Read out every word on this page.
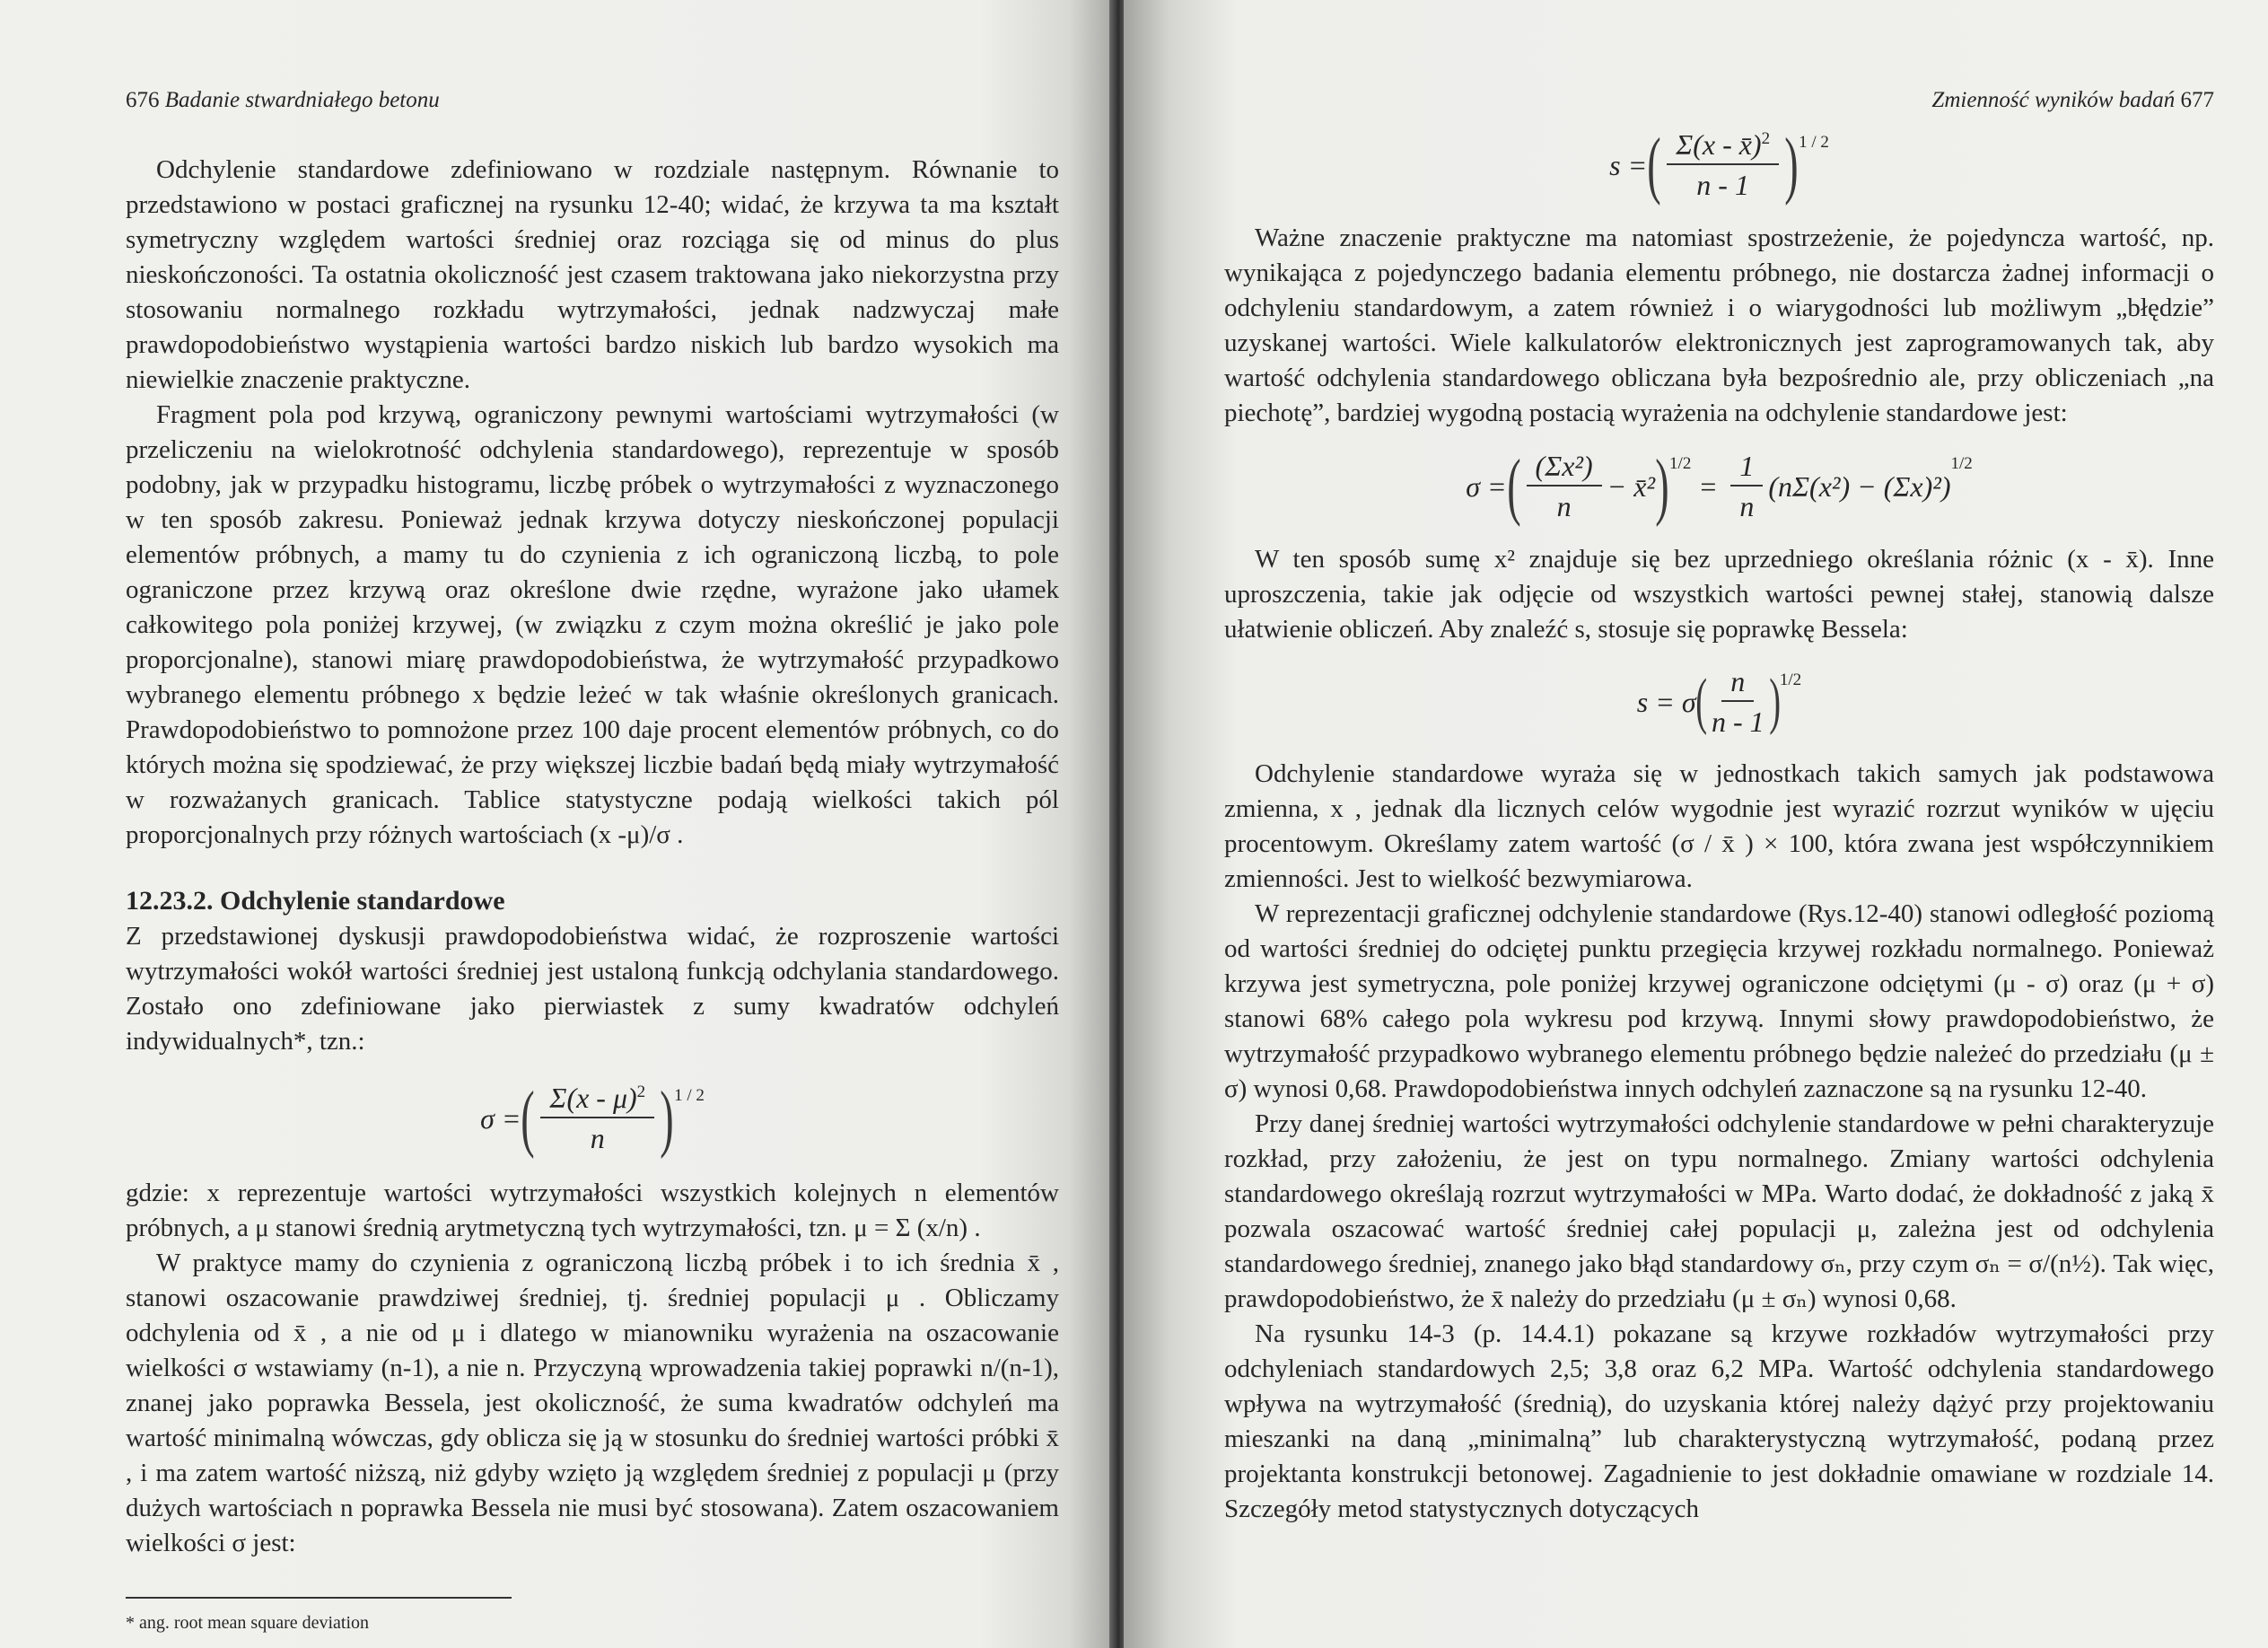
676 Badanie stwardniałego betonu

Odchylenie standardowe zdefiniowano w rozdziale następnym. Równanie to przedstawiono w postaci graficznej na rysunku 12-40; widać, że krzywa ta ma kształt symetryczny względem wartości średniej oraz rozciąga się od minus do plus nieskończoności. Ta ostatnia okoliczność jest czasem traktowana jako niekorzystna przy stosowaniu normalnego rozkładu wytrzymałości, jednak nadzwyczaj małe prawdopodobieństwo wystąpienia wartości bardzo niskich lub bardzo wysokich ma niewielkie znaczenie praktyczne.

Fragment pola pod krzywą, ograniczony pewnymi wartościami wytrzymałości (w przeliczeniu na wielokrotność odchylenia standardowego), reprezentuje w sposób podobny, jak w przypadku histogramu, liczbę próbek o wytrzymałości z wyznaczonego w ten sposób zakresu. Ponieważ jednak krzywa dotyczy nieskończonej populacji elementów próbnych, a mamy tu do czynienia z ich ograniczoną liczbą, to pole ograniczone przez krzywą oraz określone dwie rzędne, wyrażone jako ułamek całkowitego pola poniżej krzywej, (w związku z czym można określić je jako pole proporcjonalne), stanowi miarę prawdopodobieństwa, że wytrzymałość przypadkowo wybranego elementu próbnego x będzie leżeć w tak właśnie określonych granicach. Prawdopodobieństwo to pomnożone przez 100 daje procent elementów próbnych, co do których można się spodziewać, że przy większej liczbie badań będą miały wytrzymałość w rozważanych granicach. Tablice statystyczne podają wielkości takich pól proporcjonalnych przy różnych wartościach (x -μ)/σ .

12.23.2. Odchylenie standardowe

Z przedstawionej dyskusji prawdopodobieństwa widać, że rozproszenie wartości wytrzymałości wokół wartości średniej jest ustaloną funkcją odchylania standardowego. Zostało ono zdefiniowane jako pierwiastek z sumy kwadratów odchyleń indywidualnych*, tzn.:

σ = ( $\frac{\Sigma(x - \mu)^2}{n}$ ) 1 / 2

gdzie: x reprezentuje wartości wytrzymałości wszystkich kolejnych n elementów próbnych, a μ stanowi średnią arytmetyczną tych wytrzymałości, tzn. μ = Σ (x/n) .

W praktyce mamy do czynienia z ograniczoną liczbą próbek i to ich średnia x̄ , stanowi oszacowanie prawdziwej średniej, tj. średniej populacji μ . Obliczamy odchylenia od x̄ , a nie od μ i dlatego w mianowniku wyrażenia na oszacowanie wielkości σ wstawiamy (n-1), a nie n. Przyczyną wprowadzenia takiej poprawki n/(n-1), znanej jako poprawka Bessela, jest okoliczność, że suma kwadratów odchyleń ma wartość minimalną wówczas, gdy oblicza się ją w stosunku do średniej wartości próbki x̄ , i ma zatem wartość niższą, niż gdyby wzięto ją względem średniej z populacji μ (przy dużych wartościach n poprawka Bessela nie musi być stosowana). Zatem oszacowaniem wielkości σ jest:

* ang. root mean square deviation
Zmienność wyników badań 677
s = ( $\frac{\Sigma(x - x̄)^2}{n - 1}$ ) 1 / 2

Ważne znaczenie praktyczne ma natomiast spostrzeżenie, że pojedyncza wartość, np. wynikająca z pojedynczego badania elementu próbnego, nie dostarcza żadnej informacji o odchyleniu standardowym, a zatem również i o wiarygodności lub możliwym „błędzie” uzyskanej wartości. Wiele kalkulatorów elektronicznych jest zaprogramowanych tak, aby wartość odchylenia standardowego obliczana była bezpośrednio ale, przy obliczeniach „na piechotę”, bardziej wygodną postacią wyrażenia na odchylenie standardowe jest:

σ = ( $\frac{\text{(Σx²)}}{n}$ − x̄² ) 1/2
= $\frac{1}{n} (n\Sigma(x^2) - (\Sigma x)^2)$
1/2

W ten sposób sumę x² znajduje się bez uprzedniego określania różnic (x - x̄). Inne uproszczenia, takie jak odjęcie od wszystkich wartości pewnej stałej, stanowią dalsze ułatwienie obliczeń. Aby znaleźć s, stosuje się poprawkę Bessela:

s = σ ( $\frac{n}{n - 1}$ ) 1/2

Odchylenie standardowe wyraża się w jednostkach takich samych jak podstawowa zmienna, x , jednak dla licznych celów wygodnie jest wyrazić rozrzut wyników w ujęciu procentowym. Określamy zatem wartość (σ / x̄ ) × 100, która zwana jest współczynnikiem zmienności. Jest to wielkość bezwymiarowa.

W reprezentacji graficznej odchylenie standardowe (Rys.12-40) stanowi odległość poziomą od wartości średniej do odciętej punktu przegięcia krzywej rozkładu normalnego. Ponieważ krzywa jest symetryczna, pole poniżej krzywej ograniczone odciętymi (μ - σ) oraz (μ + σ) stanowi 68% całego pola wykresu pod krzywą. Innymi słowy prawdopodobieństwo, że wytrzymałość przypadkowo wybranego elementu próbnego będzie należeć do przedziału (μ ± σ) wynosi 0,68. Prawdopodobieństwa innych odchyleń zaznaczone są na rysunku 12-40.

Przy danej średniej wartości wytrzymałości odchylenie standardowe w pełni charakteryzuje rozkład, przy założeniu, że jest on typu normalnego. Zmiany wartości odchylenia standardowego określają rozrzut wytrzymałości w MPa. Warto dodać, że dokładność z jaką x̄ pozwala oszacować wartość średniej całej populacji μ, zależna jest od odchylenia standardowego średniej, znanego jako błąd standardowy σₙ, przy czym σₙ = σ/(n½). Tak więc, prawdopodobieństwo, że x̄ należy do przedziału (μ ± σₙ) wynosi 0,68.

Na rysunku 14-3 (p. 14.4.1) pokazane są krzywe rozkładów wytrzymałości przy odchyleniach standardowych 2,5; 3,8 oraz 6,2 MPa. Wartość odchylenia standardowego wpływa na wytrzymałość (średnią), do uzyskania której należy dążyć przy projektowaniu mieszanki na daną „minimalną” lub charakterystyczną wytrzymałość, podaną przez projektanta konstrukcji betonowej. Zagadnienie to jest dokładnie omawiane w rozdziale 14. Szczegóły metod statystycznych dotyczących
